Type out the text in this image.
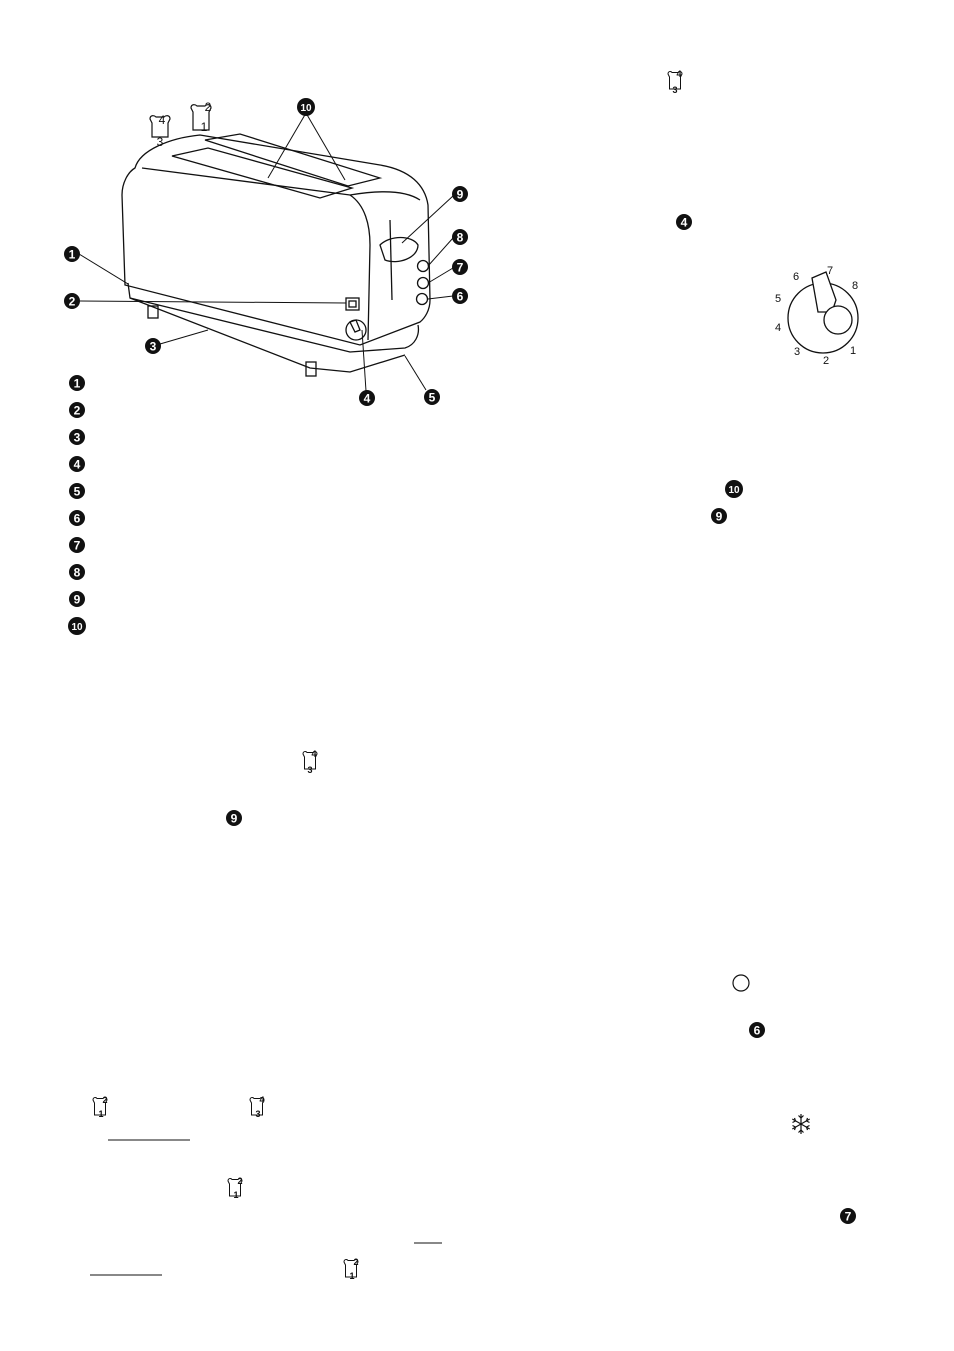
1
2
3
4	5
6
7
8
9
10
4
3
2
1
1
2
3
4
5
6
7
8
9
10
1
2
3
4
5
6	7
8
4
3
4
10
9
4
3
9
6
7
2
1
4
3
2
1
2
1
